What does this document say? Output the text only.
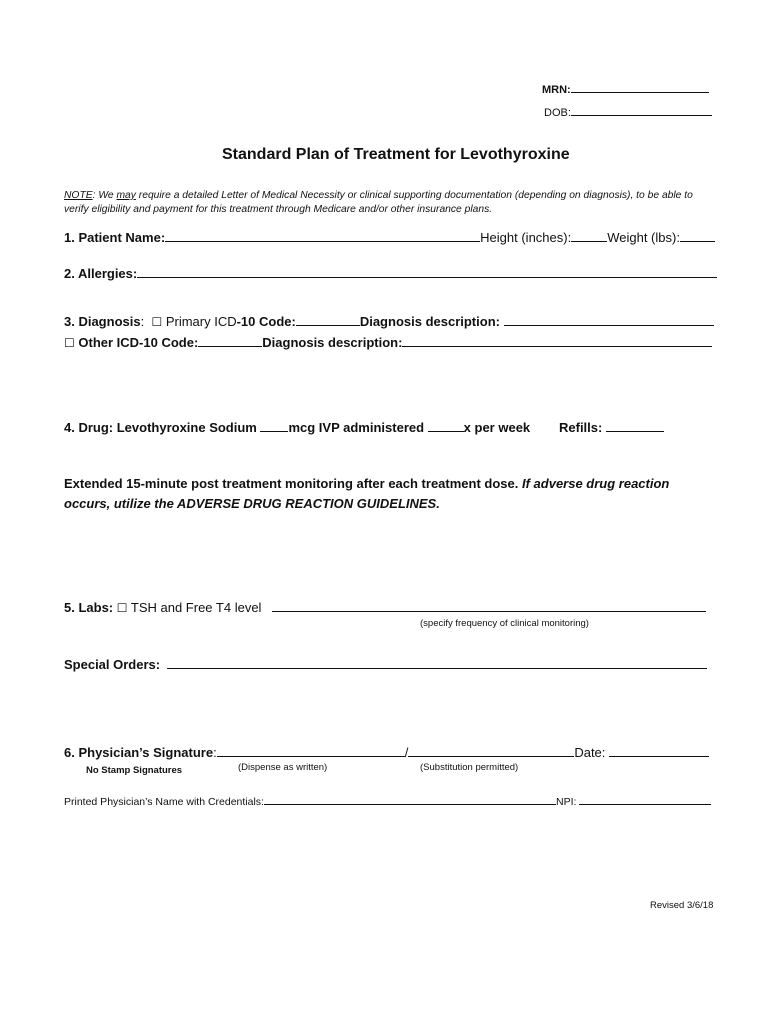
MRN:
DOB:
Standard Plan of Treatment for Levothyroxine
NOTE: We may require a detailed Letter of Medical Necessity or clinical supporting documentation (depending on diagnosis), to be able to
verify eligibility and payment for this treatment through Medicare and/or other insurance plans.
1. Patient Name:	Height (inches):	Weight (lbs):
2. Allergies:
3. Diagnosis: ☐ Primary ICD-10 Code:	Diagnosis description:
☐ Other ICD-10 Code:	Diagnosis description:
4. Drug: Levothyroxine Sodium mcg IVP administered	x per week Refills:
Extended 15-minute post treatment monitoring after each treatment dose. If adverse drug reaction
occurs, utilize the ADVERSE DRUG REACTION GUIDELINES.
5. Labs: ☐ TSH and Free T4 level
(specify frequency of clinical monitoring)
Special Orders:
6. Physician’s Signature:	/	Date:
No Stamp Signatures	(Dispense as written)	(Substitution permitted)
Printed Physician’s Name with Credentials:	NPI:
Revised 3/6/18
